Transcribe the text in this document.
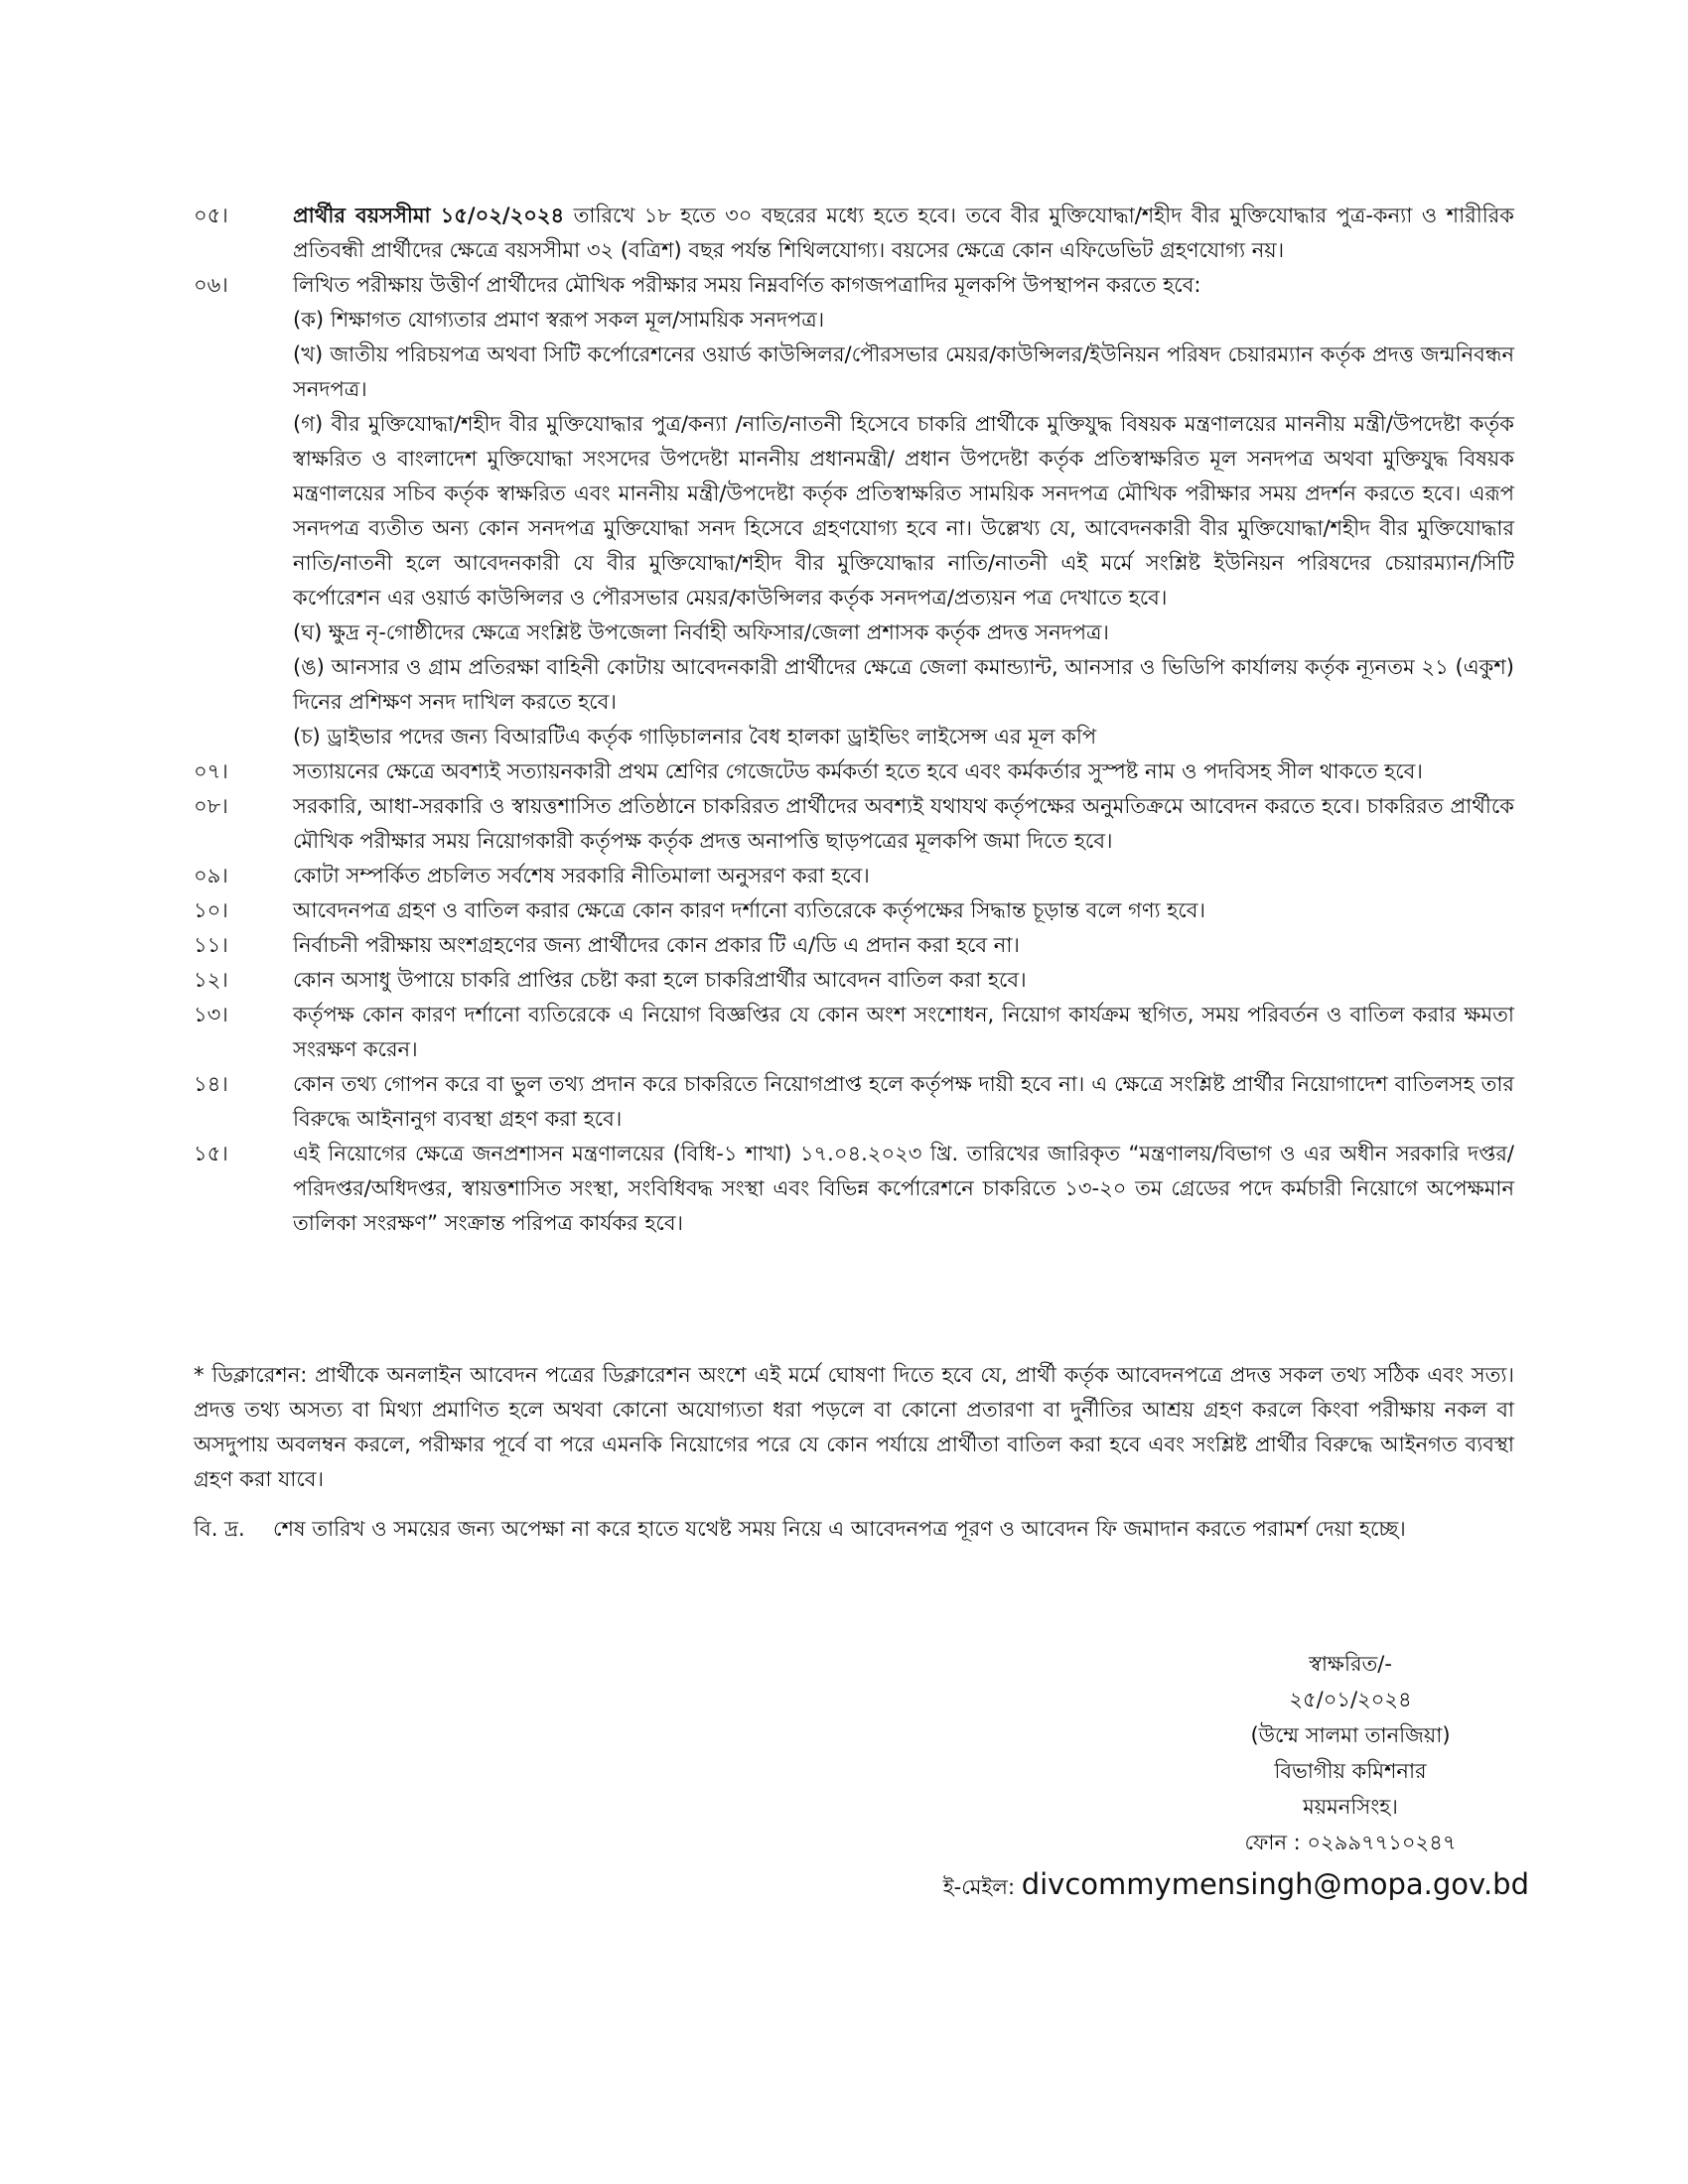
০৫।	প্রার্থীর বয়সসীমা ১৫/০২/২০২৪ তারিখে ১৮ হতে ৩০ বছরের মধ্যে হতে হবে। তবে বীর মুক্তিযোদ্ধা/শহীদ বীর মুক্তিযোদ্ধার পুত্র-কন্যা ও শারীরিক প্রতিবন্ধী প্রার্থীদের ক্ষেত্রে বয়সসীমা ৩২ (বত্রিশ) বছর পর্যন্ত শিথিলযোগ্য। বয়সের ক্ষেত্রে কোন এফিডেভিট গ্রহণযোগ্য নয়।

০৬।	লিখিত পরীক্ষায় উত্তীর্ণ প্রার্থীদের মৌখিক পরীক্ষার সময় নিম্নবর্ণিত কাগজপত্রাদির মূলকপি উপস্থাপন করতে হবে:

(ক) শিক্ষাগত যোগ্যতার প্রমাণ স্বরূপ সকল মূল/সাময়িক সনদপত্র।

(খ) জাতীয় পরিচয়পত্র অথবা সিটি কর্পোরেশনের ওয়ার্ড কাউন্সিলর/পৌরসভার মেয়র/কাউন্সিলর/ইউনিয়ন পরিষদ চেয়ারম্যান কর্তৃক প্রদত্ত জন্মনিবন্ধন সনদপত্র।

(গ) বীর মুক্তিযোদ্ধা/শহীদ বীর মুক্তিযোদ্ধার পুত্র/কন্যা /নাতি/নাতনী হিসেবে চাকরি প্রার্থীকে মুক্তিযুদ্ধ বিষয়ক মন্ত্রণালয়ের মাননীয় মন্ত্রী/উপদেষ্টা কর্তৃক স্বাক্ষরিত ও বাংলাদেশ মুক্তিযোদ্ধা সংসদের উপদেষ্টা মাননীয় প্রধানমন্ত্রী/ প্রধান উপদেষ্টা কর্তৃক প্রতিস্বাক্ষরিত মূল সনদপত্র অথবা মুক্তিযুদ্ধ বিষয়ক মন্ত্রণালয়ের সচিব কর্তৃক স্বাক্ষরিত এবং মাননীয় মন্ত্রী/উপদেষ্টা কর্তৃক প্রতিস্বাক্ষরিত সাময়িক সনদপত্র মৌখিক পরীক্ষার সময় প্রদর্শন করতে হবে। এরূপ সনদপত্র ব্যতীত অন্য কোন সনদপত্র মুক্তিযোদ্ধা সনদ হিসেবে গ্রহণযোগ্য হবে না। উল্লেখ্য যে, আবেদনকারী বীর মুক্তিযোদ্ধা/শহীদ বীর মুক্তিযোদ্ধার নাতি/নাতনী হলে আবেদনকারী যে বীর মুক্তিযোদ্ধা/শহীদ বীর মুক্তিযোদ্ধার নাতি/নাতনী এই মর্মে সংশ্লিষ্ট ইউনিয়ন পরিষদের চেয়ারম্যান/সিটি কর্পোরেশন এর ওয়ার্ড কাউন্সিলর ও পৌরসভার মেয়র/কাউন্সিলর কর্তৃক সনদপত্র/প্রত্যয়ন পত্র দেখাতে হবে।

(ঘ) ক্ষুদ্র নৃ-গোষ্ঠীদের ক্ষেত্রে সংশ্লিষ্ট উপজেলা নির্বাহী অফিসার/জেলা প্রশাসক কর্তৃক প্রদত্ত সনদপত্র।

(ঙ) আনসার ও গ্রাম প্রতিরক্ষা বাহিনী কোটায় আবেদনকারী প্রার্থীদের ক্ষেত্রে জেলা কমান্ড্যান্ট, আনসার ও ভিডিপি কার্যালয় কর্তৃক ন্যূনতম ২১ (একুশ) দিনের প্রশিক্ষণ সনদ দাখিল করতে হবে।

(চ) ড্রাইভার পদের জন্য বিআরটিএ কর্তৃক গাড়িচালনার বৈধ হালকা ড্রাইভিং লাইসেন্স এর মূল কপি

০৭।	সত্যায়নের ক্ষেত্রে অবশ্যই সত্যায়নকারী প্রথম শ্রেণির গেজেটেড কর্মকর্তা হতে হবে এবং কর্মকর্তার সুস্পষ্ট নাম ও পদবিসহ সীল থাকতে হবে।
০৮।	সরকারি, আধা-সরকারি ও স্বায়ত্তশাসিত প্রতিষ্ঠানে চাকরিরত প্রার্থীদের অবশ্যই যথাযথ কর্তৃপক্ষের অনুমতিক্রমে আবেদন করতে হবে। চাকরিরত প্রার্থীকে মৌখিক পরীক্ষার সময় নিয়োগকারী কর্তৃপক্ষ কর্তৃক প্রদত্ত অনাপত্তি ছাড়পত্রের মূলকপি জমা দিতে হবে।
০৯।	কোটা সম্পর্কিত প্রচলিত সর্বশেষ সরকারি নীতিমালা অনুসরণ করা হবে।
১০।	আবেদনপত্র গ্রহণ ও বাতিল করার ক্ষেত্রে কোন কারণ দর্শানো ব্যতিরেকে কর্তৃপক্ষের সিদ্ধান্ত চূড়ান্ত বলে গণ্য হবে।
১১।	নির্বাচনী পরীক্ষায় অংশগ্রহণের জন্য প্রার্থীদের কোন প্রকার টি এ/ডি এ প্রদান করা হবে না।
১২।	কোন অসাধু উপায়ে চাকরি প্রাপ্তির চেষ্টা করা হলে চাকরিপ্রার্থীর আবেদন বাতিল করা হবে।
১৩।	কর্তৃপক্ষ কোন কারণ দর্শানো ব্যতিরেকে এ নিয়োগ বিজ্ঞপ্তির যে কোন অংশ সংশোধন, নিয়োগ কার্যক্রম স্থগিত, সময় পরিবর্তন ও বাতিল করার ক্ষমতা সংরক্ষণ করেন।
১৪।	কোন তথ্য গোপন করে বা ভুল তথ্য প্রদান করে চাকরিতে নিয়োগপ্রাপ্ত হলে কর্তৃপক্ষ দায়ী হবে না। এ ক্ষেত্রে সংশ্লিষ্ট প্রার্থীর নিয়োগাদেশ বাতিলসহ তার বিরুদ্ধে আইনানুগ ব্যবস্থা গ্রহণ করা হবে।
১৫।	এই নিয়োগের ক্ষেত্রে জনপ্রশাসন মন্ত্রণালয়ের (বিধি-১ শাখা) ১৭.০৪.২০২৩ খ্রি. তারিখের জারিকৃত “মন্ত্রণালয়/বিভাগ ও এর অধীন সরকারি দপ্তর/পরিদপ্তর/অধিদপ্তর, স্বায়ত্তশাসিত সংস্থা, সংবিধিবদ্ধ সংস্থা এবং বিভিন্ন কর্পোরেশনে চাকরিতে ১৩-২০ তম গ্রেডের পদে কর্মচারী নিয়োগে অপেক্ষমান তালিকা সংরক্ষণ” সংক্রান্ত পরিপত্র কার্যকর হবে।
* ডিক্লারেশন: প্রার্থীকে অনলাইন আবেদন পত্রের ডিক্লারেশন অংশে এই মর্মে ঘোষণা দিতে হবে যে, প্রার্থী কর্তৃক আবেদনপত্রে প্রদত্ত সকল তথ্য সঠিক এবং সত্য। প্রদত্ত তথ্য অসত্য বা মিথ্যা প্রমাণিত হলে অথবা কোনো অযোগ্যতা ধরা পড়লে বা কোনো প্রতারণা বা দুর্নীতির আশ্রয় গ্রহণ করলে কিংবা পরীক্ষায় নকল বা অসদুপায় অবলম্বন করলে, পরীক্ষার পূর্বে বা পরে এমনকি নিয়োগের পরে যে কোন পর্যায়ে প্রার্থীতা বাতিল করা হবে এবং সংশ্লিষ্ট প্রার্থীর বিরুদ্ধে আইনগত ব্যবস্থা গ্রহণ করা যাবে।
বি. দ্র.	শেষ তারিখ ও সময়ের জন্য অপেক্ষা না করে হাতে যথেষ্ট সময় নিয়ে এ আবেদনপত্র পূরণ ও আবেদন ফি জমাদান করতে পরামর্শ দেয়া হচ্ছে।
স্বাক্ষরিত/-
২৫/০১/২০২৪
(উম্মে সালমা তানজিয়া)
বিভাগীয় কমিশনার
ময়মনসিংহ।
ফোন : ০২৯৯৭৭১০২৪৭
ই-মেইল: divcommymensingh@mopa.gov.bd
